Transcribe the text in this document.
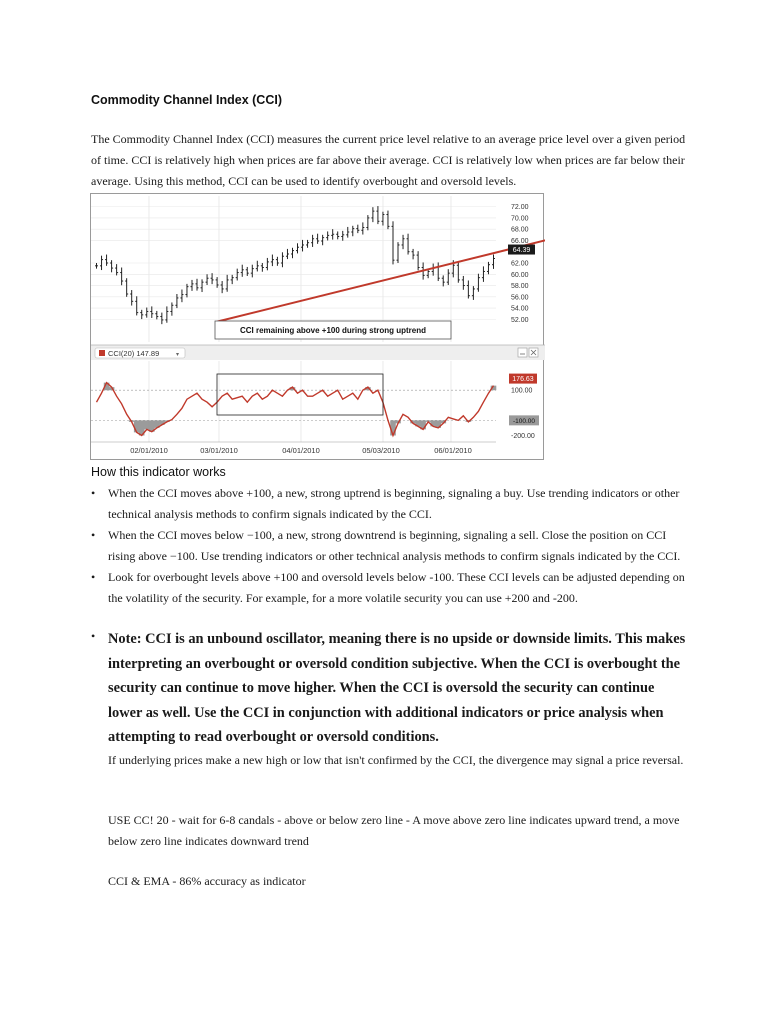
Commodity Channel Index (CCI)

The Commodity Channel Index (CCI) measures the current price level relative to an average price level over a given period of time. CCI is relatively high when prices are far above their average. CCI is relatively low when prices are far below their average. Using this method, CCI can be used to identify overbought and oversold levels.

72.00
70.00
68.00
66.00
62.00
60.00
58.00
56.00
54.00
52.00
64.39
CCI remaining above +100 during strong uptrend
CCI(20) 147.89	▾
176.63
100.00
-100.00
-200.00
02/01/2010	03/01/2010	04/01/2010	05/03/2010	06/01/2010
How this indicator works
• When the CCI moves above +100, a new, strong uptrend is beginning, signaling a buy. Use trending indicators or other technical analysis methods to confirm signals indicated by the CCI.
• When the CCI moves below −100, a new, strong downtrend is beginning, signaling a sell. Close the position on CCI rising above −100. Use trending indicators or other technical analysis methods to confirm signals indicated by the CCI.
• Look for overbought levels above +100 and oversold levels below -100. These CCI levels can be adjusted depending on the volatility of the security. For example, for a more volatile security you can use +200 and -200.
• Note: CCI is an unbound oscillator, meaning there is no upside or downside limits. This makes interpreting an overbought or oversold condition subjective. When the CCI is overbought the security can continue to move higher. When the CCI is oversold the security can continue lower as well. Use the CCI in conjunction with additional indicators or price analysis when attempting to read overbought or oversold conditions.

If underlying prices make a new high or low that isn't confirmed by the CCI, the divergence may signal a price reversal.

USE CC! 20 - wait for 6-8 candals - above or below zero line - A move above zero line indicates upward trend, a move below zero line indicates downward trend

CCI & EMA - 86% accuracy as indicator
